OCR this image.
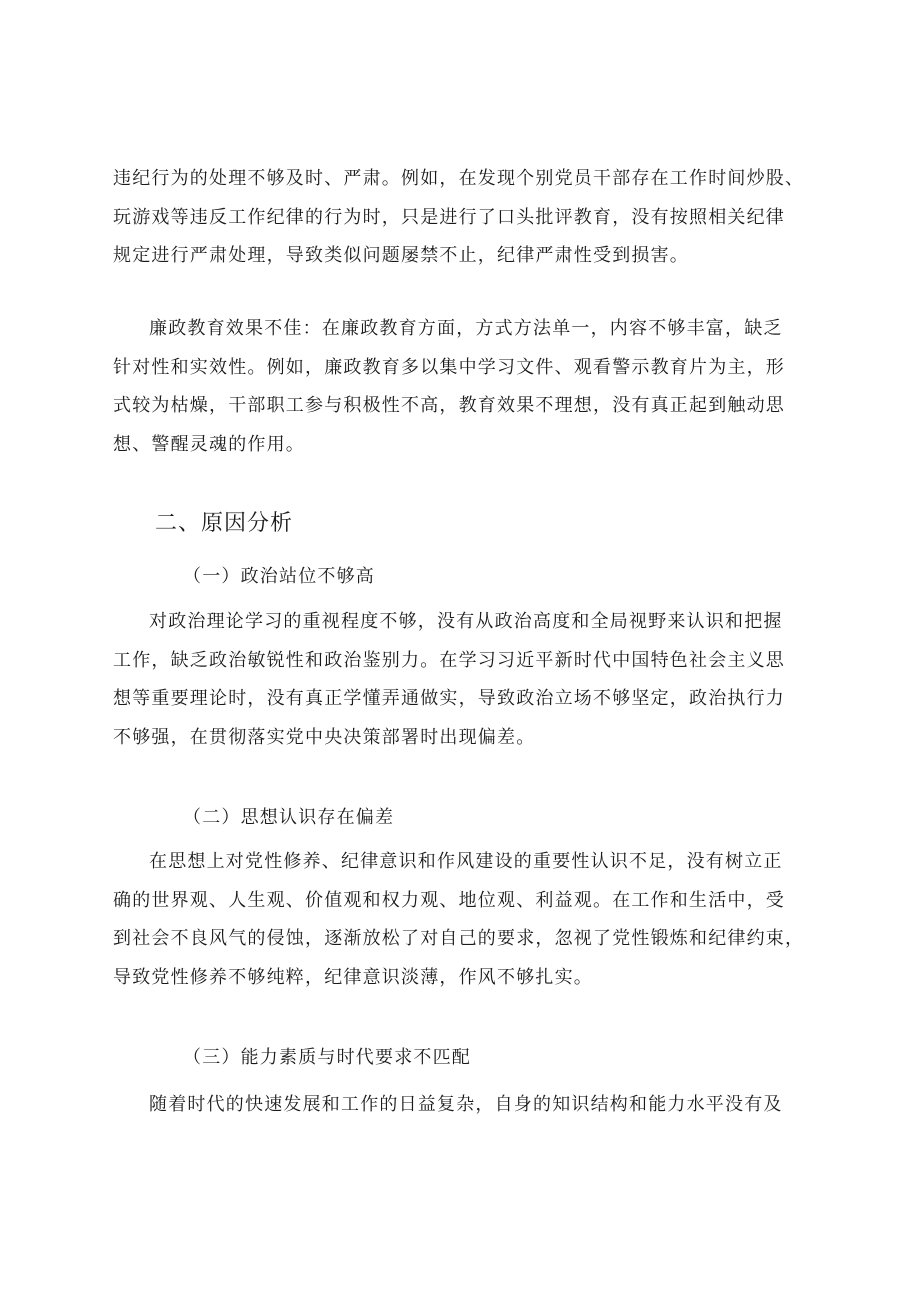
违纪行为的处理不够及时、严肃。例如，在发现个别党员干部存在工作时间炒股、
玩游戏等违反工作纪律的行为时，只是进行了口头批评教育，没有按照相关纪律
规定进行严肃处理，导致类似问题屡禁不止，纪律严肃性受到损害。
廉政教育效果不佳：在廉政教育方面，方式方法单一，内容不够丰富，缺乏
针对性和实效性。例如，廉政教育多以集中学习文件、观看警示教育片为主，形
式较为枯燥，干部职工参与积极性不高，教育效果不理想，没有真正起到触动思
想、警醒灵魂的作用。
二、原因分析
（一）政治站位不够高
对政治理论学习的重视程度不够，没有从政治高度和全局视野来认识和把握
工作，缺乏政治敏锐性和政治鉴别力。在学习习近平新时代中国特色社会主义思
想等重要理论时，没有真正学懂弄通做实，导致政治立场不够坚定，政治执行力
不够强，在贯彻落实党中央决策部署时出现偏差。
（二）思想认识存在偏差
在思想上对党性修养、纪律意识和作风建设的重要性认识不足，没有树立正
确的世界观、人生观、价值观和权力观、地位观、利益观。在工作和生活中，受
到社会不良风气的侵蚀，逐渐放松了对自己的要求，忽视了党性锻炼和纪律约束，
导致党性修养不够纯粹，纪律意识淡薄，作风不够扎实。
（三）能力素质与时代要求不匹配
随着时代的快速发展和工作的日益复杂，自身的知识结构和能力水平没有及
